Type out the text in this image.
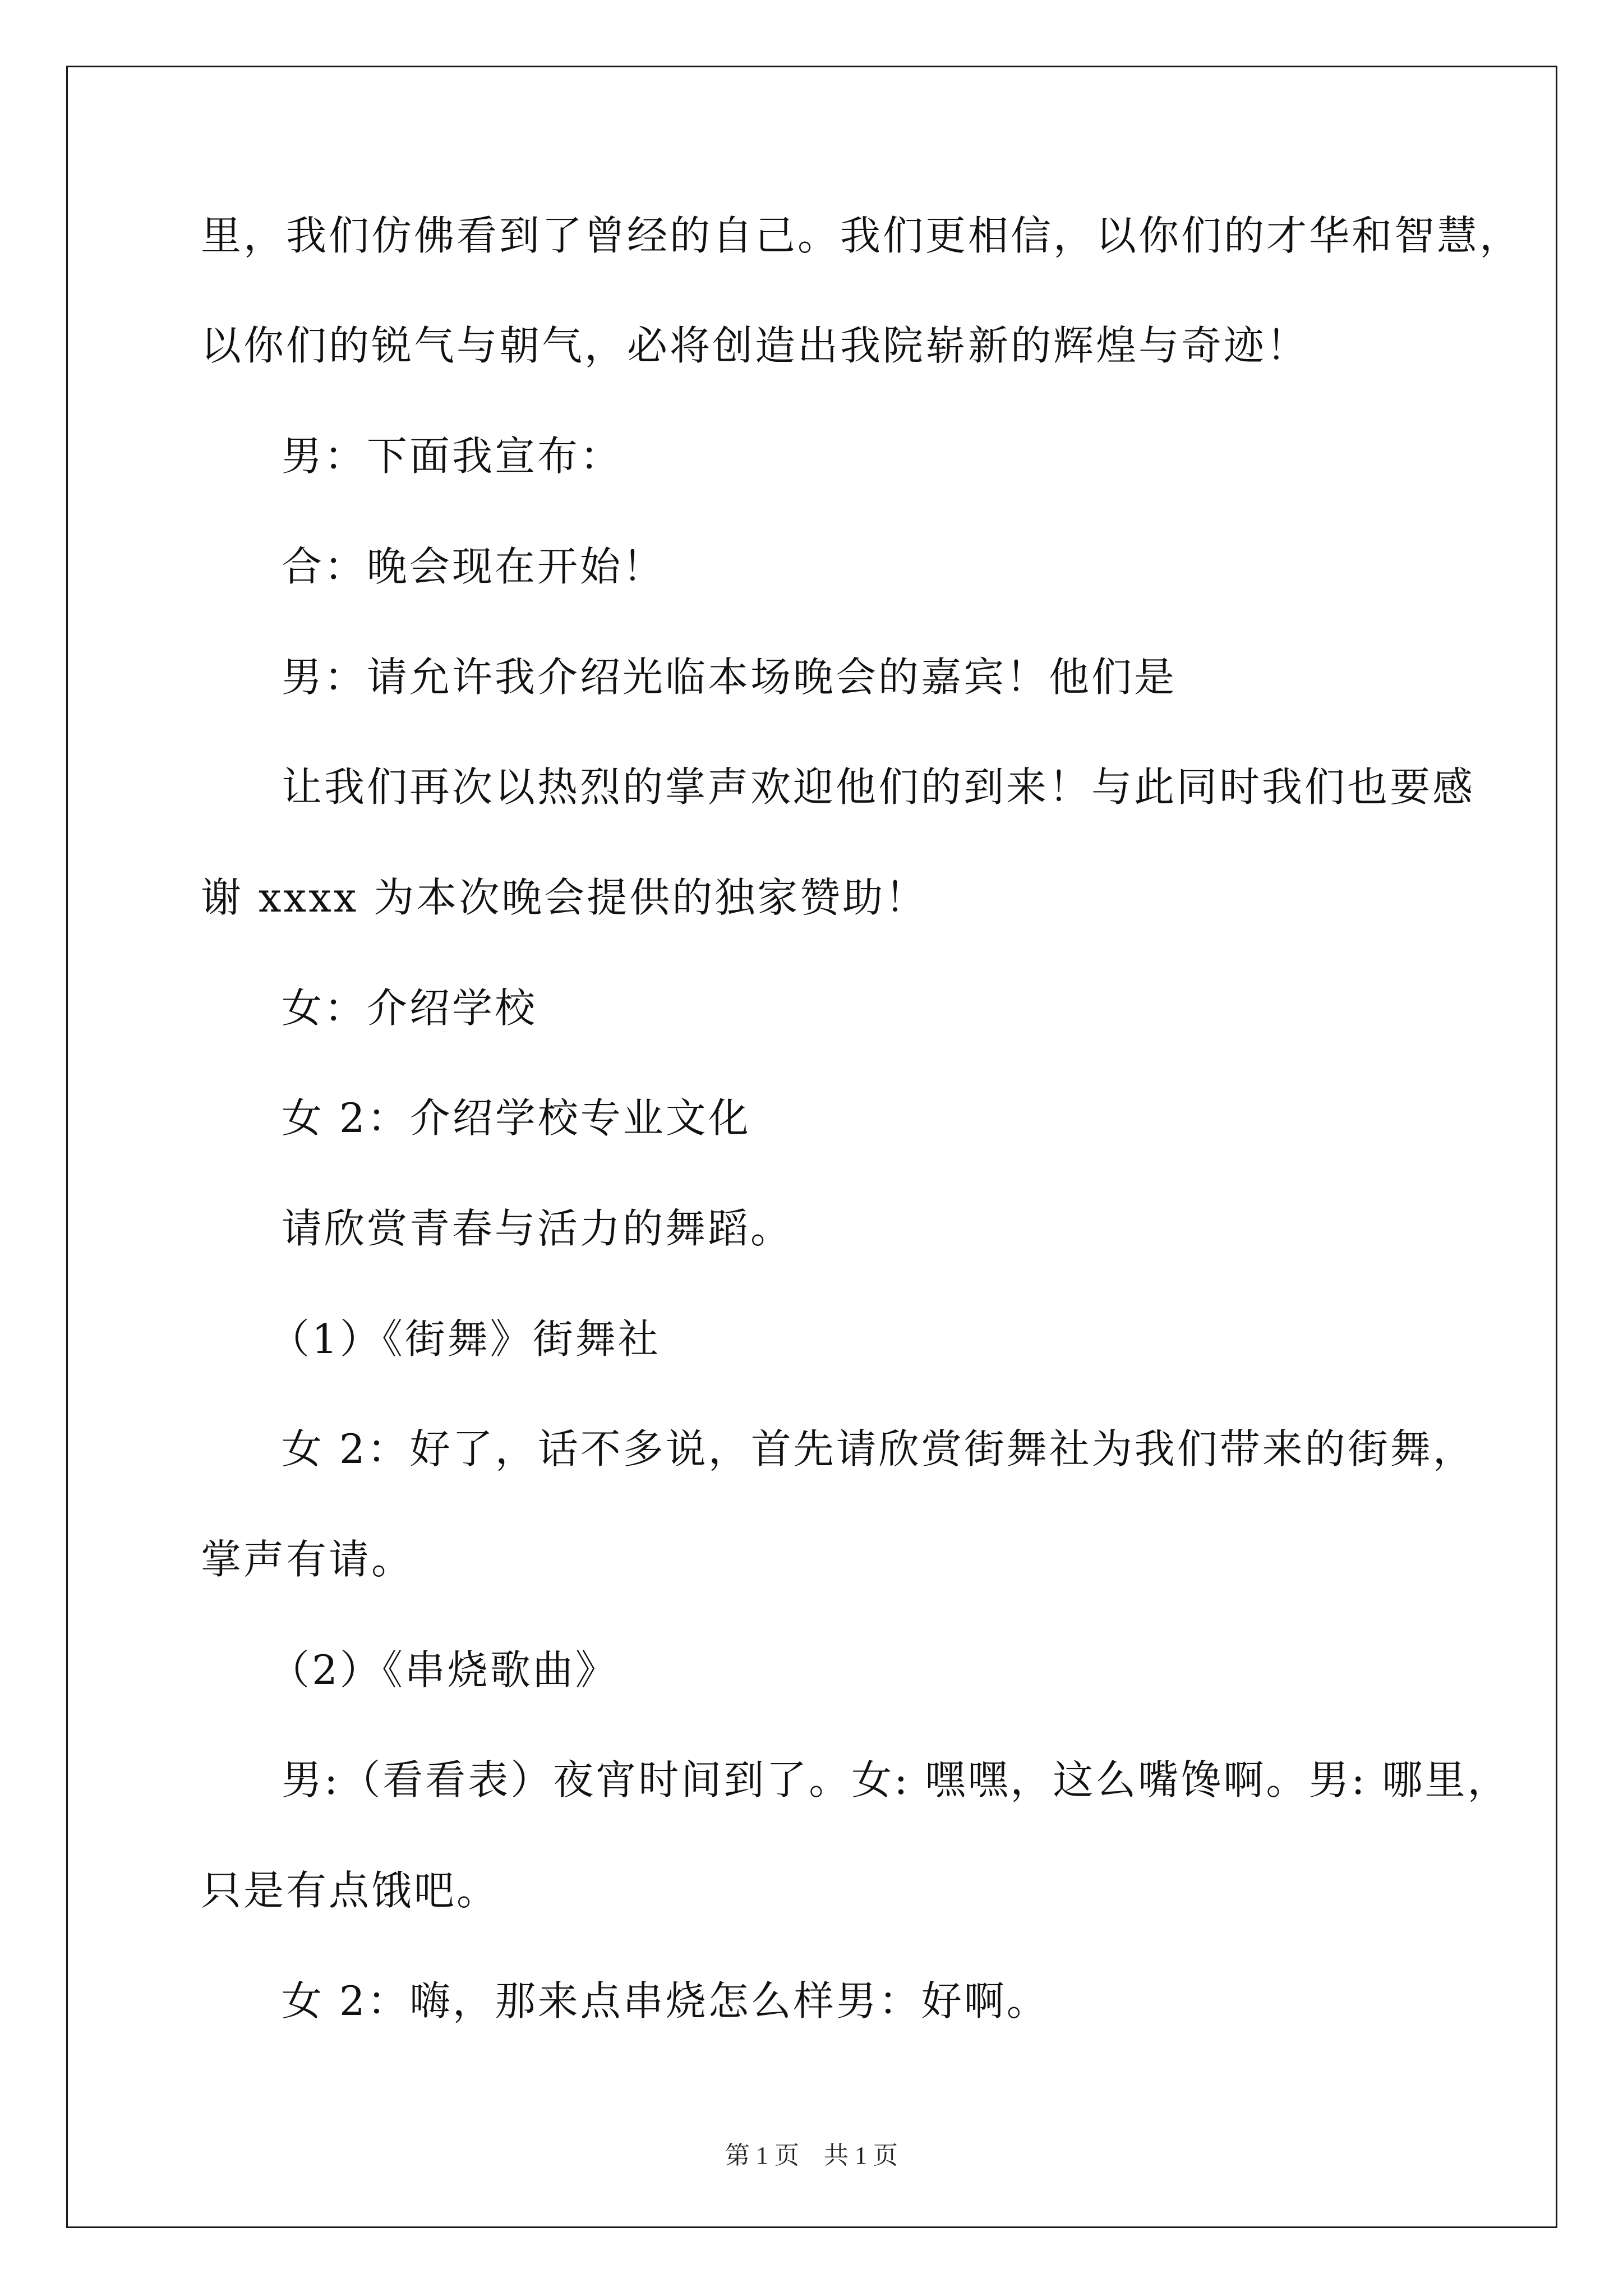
里，我们仿佛看到了曾经的自己。我们更相信，以你们的才华和智慧，
以你们的锐气与朝气，必将创造出我院崭新的辉煌与奇迹！
男：下面我宣布：
合：晚会现在开始！
男：请允许我介绍光临本场晚会的嘉宾！他们是
让我们再次以热烈的掌声欢迎他们的到来！与此同时我们也要感
谢 xxxx 为本次晚会提供的独家赞助！
女：介绍学校
女 2：介绍学校专业文化
请欣赏青春与活力的舞蹈。
（1）《街舞》街舞社
女 2：好了，话不多说，首先请欣赏街舞社为我们带来的街舞，
掌声有请。
（2）《串烧歌曲》
男:（看看表）夜宵时间到了。女: 嘿嘿，这么嘴馋啊。男: 哪里，
只是有点饿吧。
女 2：嗨，那来点串烧怎么样男：好啊。
第 1 页    共 1 页
